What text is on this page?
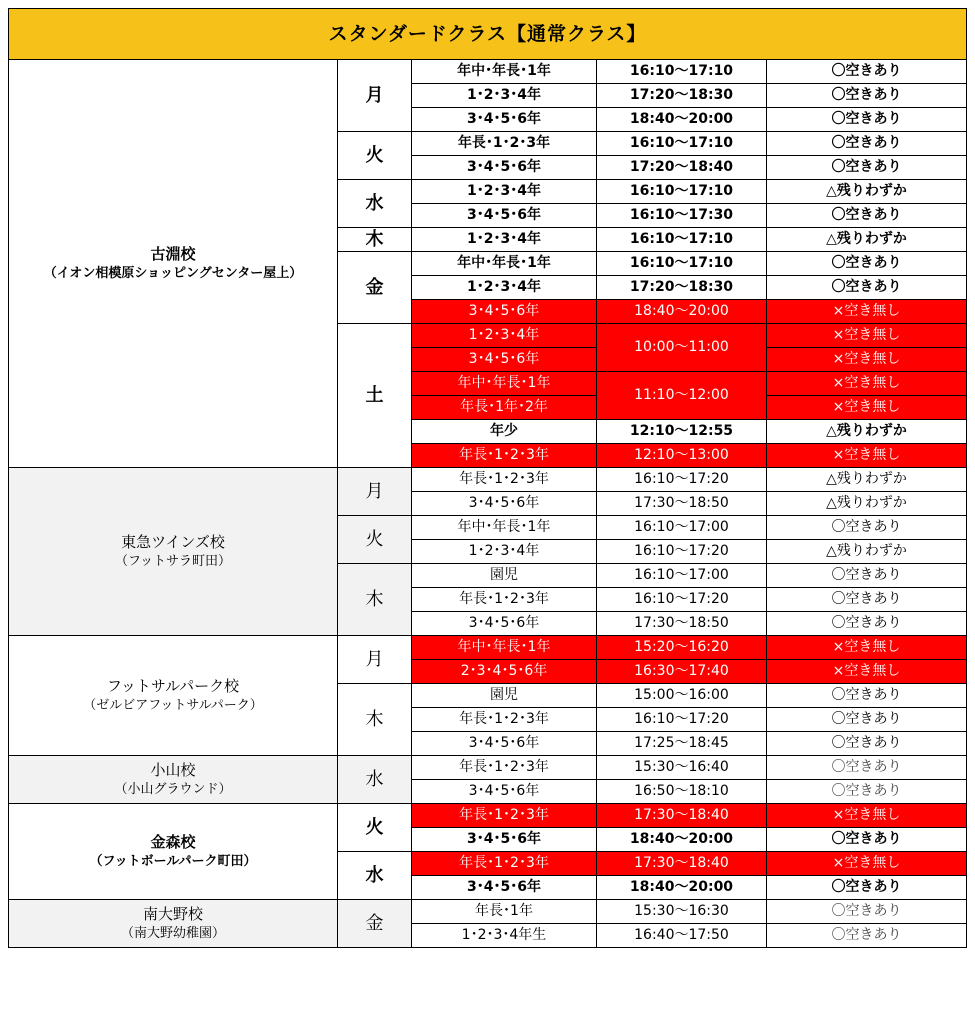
スタンダードクラス【通常クラス】				

古淵校
（イオン相模原ショッピングセンター屋上）	月	年中･年長･1年	16:10〜17:10	〇空きあり
		1･2･3･4年	17:20〜18:30	〇空きあり
		3･4･5･6年	18:40〜20:00	〇空きあり
	火	年長･1･2･3年	16:10〜17:10	〇空きあり
		3･4･5･6年	17:20〜18:40	〇空きあり
	水	1･2･3･4年	16:10〜17:10	△残りわずか
		3･4･5･6年	16:10〜17:30	〇空きあり
	木	1･2･3･4年	16:10〜17:10	△残りわずか
	金	年中･年長･1年	16:10〜17:10	〇空きあり
		1･2･3･4年	17:20〜18:30	〇空きあり
		3･4･5･6年	18:40〜20:00	×空き無し
	土	1･2･3･4年	10:00〜11:00	×空き無し
		3･4･5･6年		×空き無し
		年中･年長･1年	11:10〜12:00	×空き無し
		年長･1年･2年		×空き無し
		年少	12:10〜12:55	△残りわずか
		年長･1･2･3年	12:10〜13:00	×空き無し

東急ツインズ校
（フットサラ町田）	月	年長･1･2･3年	16:10〜17:20	△残りわずか
		3･4･5･6年	17:30〜18:50	△残りわずか
	火	年中･年長･1年	16:10〜17:00	〇空きあり
		1･2･3･4年	16:10〜17:20	△残りわずか
	木	園児	16:10〜17:00	〇空きあり
		年長･1･2･3年	16:10〜17:20	〇空きあり
		3･4･5･6年	17:30〜18:50	〇空きあり

フットサルパーク校
（ゼルビアフットサルパーク）	月	年中･年長･1年	15:20〜16:20	×空き無し
		2･3･4･5･6年	16:30〜17:40	×空き無し
	木	園児	15:00〜16:00	〇空きあり
		年長･1･2･3年	16:10〜17:20	〇空きあり
		3･4･5･6年	17:25〜18:45	〇空きあり

小山校
（小山グラウンド）	水	年長･1･2･3年	15:30〜16:40	〇空きあり
		3･4･5･6年	16:50〜18:10	〇空きあり

金森校
（フットボールパーク町田）	火	年長･1･2･3年	17:30〜18:40	×空き無し
		3･4･5･6年	18:40〜20:00	〇空きあり
	水	年長･1･2･3年	17:30〜18:40	×空き無し
		3･4･5･6年	18:40〜20:00	〇空きあり

南大野校
（南大野幼稚園）	金	年長･1年	15:30〜16:30	〇空きあり
		1･2･3･4年生	16:40〜17:50	〇空きあり
